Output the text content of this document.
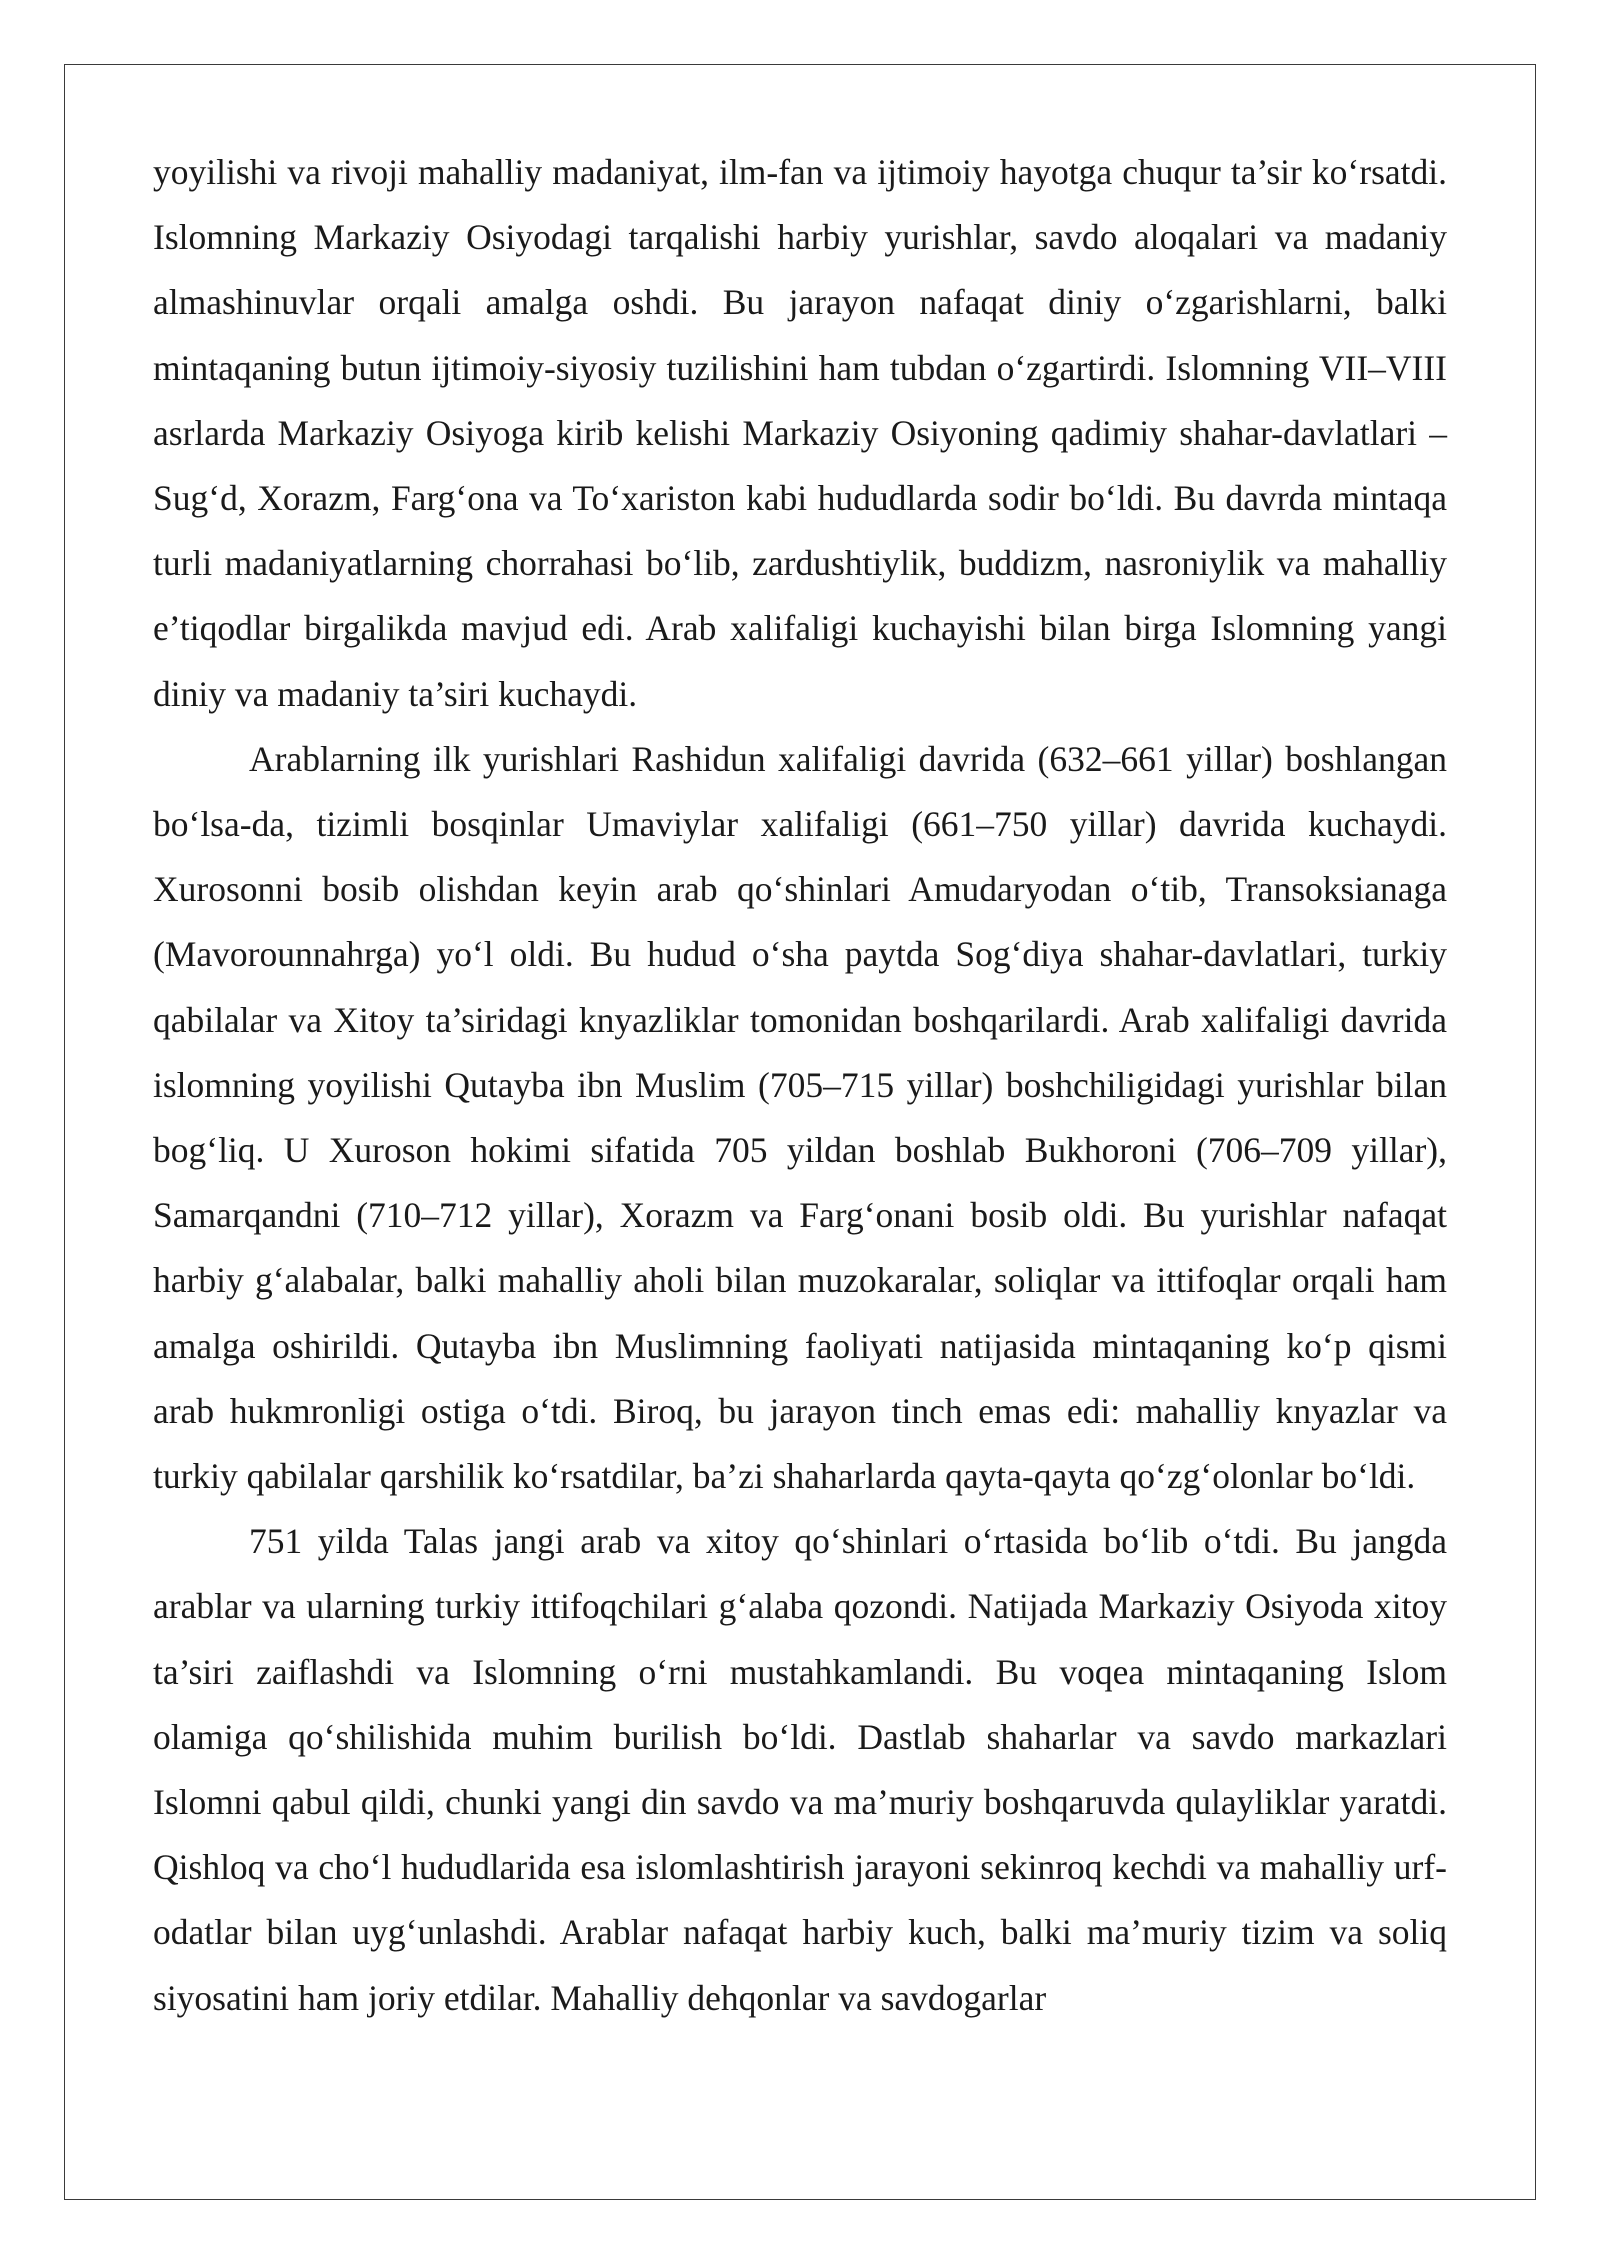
yoyilishi va rivoji mahalliy madaniyat, ilm-fan va ijtimoiy hayotga chuqur ta’sir ko‘rsatdi. Islomning Markaziy Osiyodagi tarqalishi harbiy yurishlar, savdo aloqalari va madaniy almashinuvlar orqali amalga oshdi. Bu jarayon nafaqat diniy o‘zgarishlarni, balki mintaqaning butun ijtimoiy-siyosiy tuzilishini ham tubdan o‘zgartirdi. Islomning VII–VIII asrlarda Markaziy Osiyoga kirib kelishi Markaziy Osiyoning qadimiy shahar-davlatlari – Sug‘d, Xorazm, Farg‘ona va To‘xariston kabi hududlarda sodir bo‘ldi. Bu davrda mintaqa turli madaniyatlarning chorrahasi bo‘lib, zardushtiylik, buddizm, nasroniylik va mahalliy e’tiqodlar birgalikda mavjud edi. Arab xalifaligi kuchayishi bilan birga Islomning yangi diniy va madaniy ta’siri kuchaydi.

Arablarning ilk yurishlari Rashidun xalifaligi davrida (632–661 yillar) boshlangan bo‘lsa-da, tizimli bosqinlar Umaviylar xalifaligi (661–750 yillar) davrida kuchaydi. Xurosonni bosib olishdan keyin arab qo‘shinlari Amudaryodan o‘tib, Transoksianaga (Mavorounnahrga) yo‘l oldi. Bu hudud o‘sha paytda Sog‘diya shahar-davlatlari, turkiy qabilalar va Xitoy ta’siridagi knyazliklar tomonidan boshqarilardi. Arab xalifaligi davrida islomning yoyilishi Qutayba ibn Muslim (705–715 yillar) boshchiligidagi yurishlar bilan bog‘liq. U Xuroson hokimi sifatida 705 yildan boshlab Bukhoroni (706–709 yillar), Samarqandni (710–712 yillar), Xorazm va Farg‘onani bosib oldi. Bu yurishlar nafaqat harbiy g‘alabalar, balki mahalliy aholi bilan muzokaralar, soliqlar va ittifoqlar orqali ham amalga oshirildi. Qutayba ibn Muslimning faoliyati natijasida mintaqaning ko‘p qismi arab hukmronligi ostiga o‘tdi. Biroq, bu jarayon tinch emas edi: mahalliy knyazlar va turkiy qabilalar qarshilik ko‘rsatdilar, ba’zi shaharlarda qayta-qayta qo‘zg‘olonlar bo‘ldi.

751 yilda Talas jangi arab va xitoy qo‘shinlari o‘rtasida bo‘lib o‘tdi. Bu jangda arablar va ularning turkiy ittifoqchilari g‘alaba qozondi. Natijada Markaziy Osiyoda xitoy ta’siri zaiflashdi va Islomning o‘rni mustahkamlandi. Bu voqea mintaqaning Islom olamiga qo‘shilishida muhim burilish bo‘ldi. Dastlab shaharlar va savdo markazlari Islomni qabul qildi, chunki yangi din savdo va ma’muriy boshqaruvda qulayliklar yaratdi. Qishloq va cho‘l hududlarida esa islomlashtirish jarayoni sekinroq kechdi va mahalliy urf-odatlar bilan uyg‘unlashdi. Arablar nafaqat harbiy kuch, balki ma’muriy tizim va soliq siyosatini ham joriy etdilar. Mahalliy dehqonlar va savdogarlar
